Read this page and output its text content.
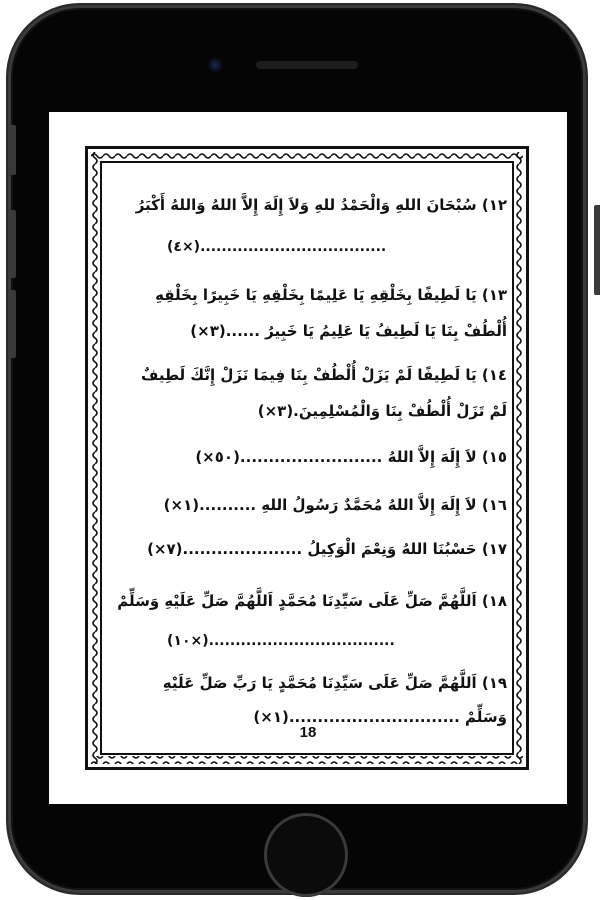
١٢) سُبْحَانَ اللهِ وَالْحَمْدُ للهِ وَلاَ إِلَهَ إِلاَّ اللهُ وَاللهُ أَكْبَرُ
(٤×)...................................
١٣) يَا لَطِيفًا بِخَلْقِهِ يَا عَلِيمًا بِخَلْقِهِ يَا خَبِيرًا بِخَلْقِهِ
أُلْطُفْ بِنَا يَا لَطِيفُ يَا عَلِيمُ يَا خَبِيرُ ......(٣×)
١٤) يَا لَطِيفًا لَمْ يَزَلْ أُلْطُفْ بِنَا فِيمَا نَزَلْ إِنَّكَ لَطِيفٌ
لَمْ تَزَلْ أُلْطُفْ بِنَا وَالْمُسْلِمِينَ.(٣×)
١٥) لاَ إِلَهَ إِلاَّ اللهُ .........................(٥٠×)
١٦) لاَ إِلَهَ إِلاَّ اللهُ مُحَمَّدٌ رَسُولُ اللهِ ..........(١×)
١٧) حَسْبُنَا اللهُ وَنِعْمَ الْوَكِيلُ .....................(٧×)
١٨) اَللَّهُمَّ صَلِّ عَلَى سَيِّدِنَا مُحَمَّدٍ اَللَّهُمَّ صَلِّ عَلَيْهِ وَسَلِّمْ
(١٠×)...................................
١٩) اَللَّهُمَّ صَلِّ عَلَى سَيِّدِنَا مُحَمَّدٍ يَا رَبِّ صَلِّ عَلَيْهِ
وَسَلِّمْ ..............................(١×)
18
